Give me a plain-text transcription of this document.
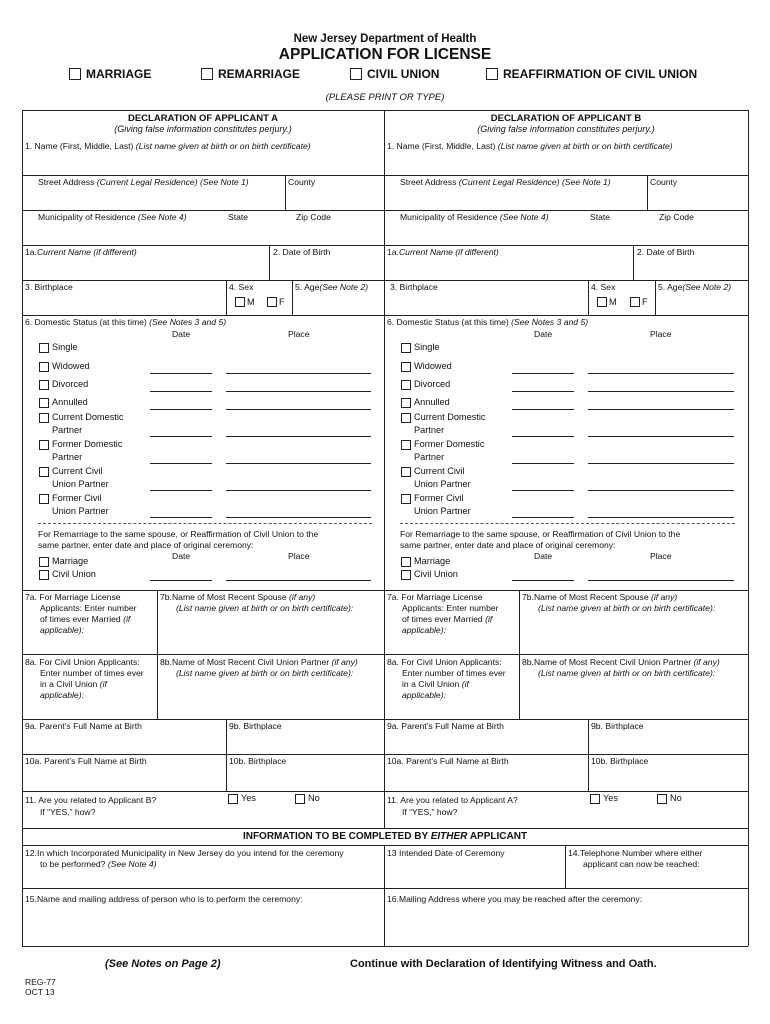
New Jersey Department of Health
APPLICATION FOR LICENSE
MARRIAGE	REMARRIAGE	CIVIL UNION	REAFFIRMATION OF CIVIL UNION
(PLEASE PRINT OR TYPE)
DECLARATION OF APPLICANT A
(Giving false information constitutes perjury.)
1. Name (First, Middle, Last) (List name given at birth or on birth certificate)
Street Address (Current Legal Residence) (See Note 1)	County
Municipality of Residence (See Note 4)	State	Zip Code
1a.Current Name (if different)	2. Date of Birth
3. Birthplace	4. Sex
M	F
5. Age(See Note 2)
6. Domestic Status (at this time) (See Notes 3 and 5)
Date	Place
Single
Widowed
Divorced
Annulled
Current Domestic
Partner
Former Domestic
Partner
Current Civil
Union Partner
Former Civil
Union Partner
For Remarriage to the same spouse, or Reaffirmation of Civil Union to the
same partner, enter date and place of original ceremony:
Date	Place
Marriage
Civil Union
7a. For Marriage License
Applicants: Enter number
of times ever Married (if
applicable):
7b.Name of Most Recent Spouse (if any)
(List name given at birth or on birth certificate):
8a. For Civil Union Applicants:
Enter number of times ever
in a Civil Union (if
applicable):
8b.Name of Most Recent Civil Union Partner (if any)
(List name given at birth or on birth certificate):
9a. Parent’s Full Name at Birth	9b. Birthplace
10a. Parent’s Full Name at Birth	10b. Birthplace
11. Are you related to Applicant B?
If “YES,” how?
Yes	No
DECLARATION OF APPLICANT B
(Giving false information constitutes perjury.)
1. Name (First, Middle, Last) (List name given at birth or on birth certificate)
Street Address (Current Legal Residence) (See Note 1)	County
Municipality of Residence (See Note 4)	State	Zip Code
1a.Current Name (if different)	2. Date of Birth
3. Birthplace	4. Sex
M	F
5. Age(See Note 2)
6. Domestic Status (at this time) (See Notes 3 and 5)
Date	Place
Single
Widowed
Divorced
Annulled
Current Domestic
Partner
Former Domestic
Partner
Current Civil
Union Partner
Former Civil
Union Partner
For Remarriage to the same spouse, or Reaffirmation of Civil Union to the
same partner, enter date and place of original ceremony:
Date	Place
Marriage
Civil Union
7a. For Marriage License
Applicants: Enter number
of times ever Married (if
applicable):
7b.Name of Most Recent Spouse (if any)
(List name given at birth or on birth certificate):
8a. For Civil Union Applicants:
Enter number of times ever
in a Civil Union (if
applicable):
8b.Name of Most Recent Civil Union Partner (if any)
(List name given at birth or on birth certificate):
9a. Parent’s Full Name at Birth	9b. Birthplace
10a. Parent’s Full Name at Birth	10b. Birthplace
11. Are you related to Applicant A?
If “YES,” how?
Yes	No
INFORMATION TO BE COMPLETED BY EITHER APPLICANT
12.In which Incorporated Municipality in New Jersey do you intend for the ceremony
to be performed? (See Note 4)
13 Intended Date of Ceremony	14.Telephone Number where either
applicant can now be reached:
15.Name and mailing address of person who is to perform the ceremony:	16.Mailing Address where you may be reached after the ceremony:
(See Notes on Page 2)	Continue with Declaration of Identifying Witness and Oath.
REG-77
OCT 13
